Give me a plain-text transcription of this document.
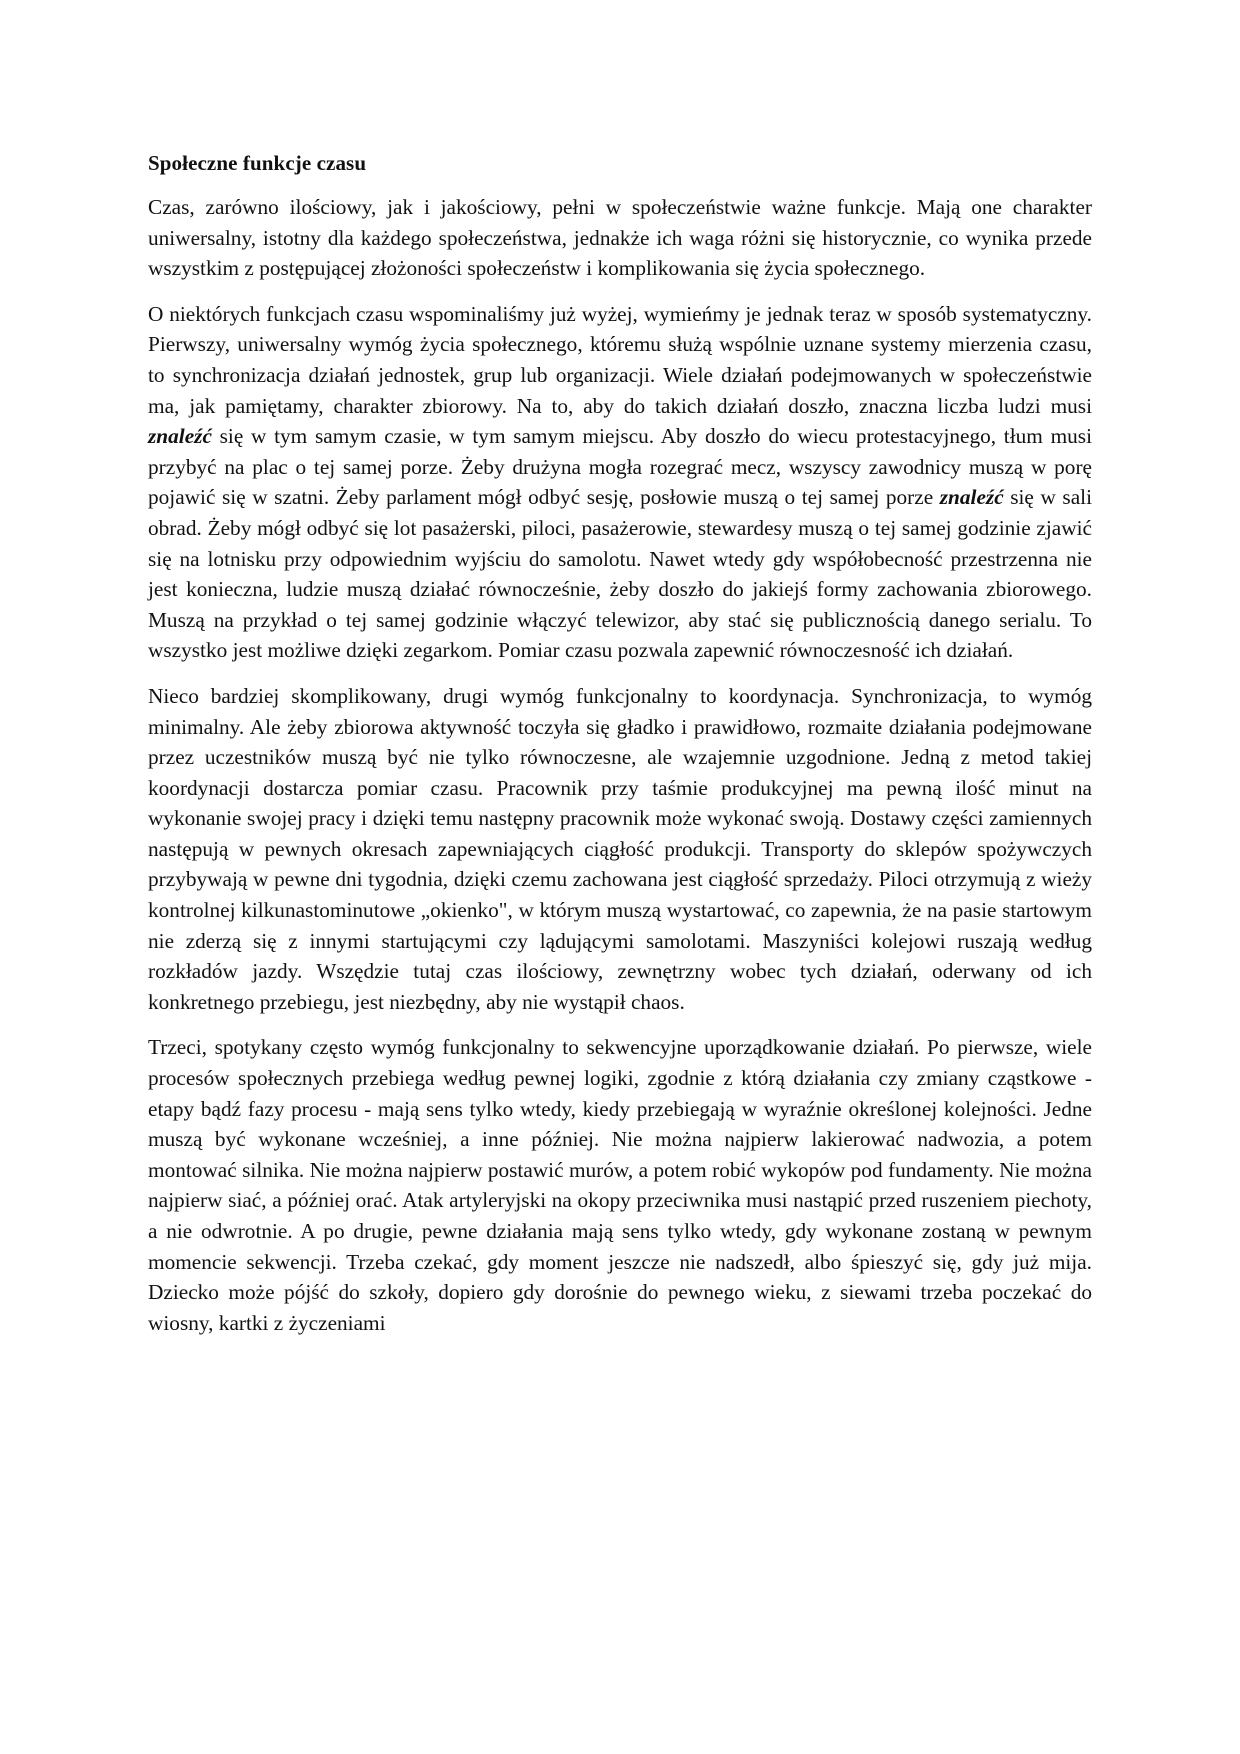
Społeczne funkcje czasu

Czas, zarówno ilościowy, jak i jakościowy, pełni w społeczeństwie ważne funkcje. Mają one charakter uniwersalny, istotny dla każdego społeczeństwa, jednakże ich waga różni się historycznie, co wynika przede wszystkim z postępującej złożoności społeczeństw i komplikowania się życia społecznego.

O niektórych funkcjach czasu wspominaliśmy już wyżej, wymieńmy je jednak teraz w sposób systematyczny. Pierwszy, uniwersalny wymóg życia społecznego, któremu służą wspólnie uznane systemy mierzenia czasu, to synchronizacja działań jednostek, grup lub organizacji. Wiele działań podejmowanych w społeczeństwie ma, jak pamiętamy, charakter zbiorowy. Na to, aby do takich działań doszło, znaczna liczba ludzi musi znaleźć się w tym samym czasie, w tym samym miejscu. Aby doszło do wiecu protestacyjnego, tłum musi przybyć na plac o tej samej porze. Żeby drużyna mogła rozegrać mecz, wszyscy zawodnicy muszą w porę pojawić się w szatni. Żeby parlament mógł odbyć sesję, posłowie muszą o tej samej porze znaleźć się w sali obrad. Żeby mógł odbyć się lot pasażerski, piloci, pasażerowie, stewardesy muszą o tej samej godzinie zjawić się na lotnisku przy odpowiednim wyjściu do samolotu. Nawet wtedy gdy współobecność przestrzenna nie jest konieczna, ludzie muszą działać równocześnie, żeby doszło do jakiejś formy zachowania zbiorowego. Muszą na przykład o tej samej godzinie włączyć telewizor, aby stać się publicznością danego serialu. To wszystko jest możliwe dzięki zegarkom. Pomiar czasu pozwala zapewnić równoczesność ich działań.

Nieco bardziej skomplikowany, drugi wymóg funkcjonalny to koordynacja. Synchronizacja, to wymóg minimalny. Ale żeby zbiorowa aktywność toczyła się gładko i prawidłowo, rozmaite działania podejmowane przez uczestników muszą być nie tylko równoczesne, ale wzajemnie uzgodnione. Jedną z metod takiej koordynacji dostarcza pomiar czasu. Pracownik przy taśmie produkcyjnej ma pewną ilość minut na wykonanie swojej pracy i dzięki temu następny pracownik może wykonać swoją. Dostawy części zamiennych następują w pewnych okresach zapewniających ciągłość produkcji. Transporty do sklepów spożywczych przybywają w pewne dni tygodnia, dzięki czemu zachowana jest ciągłość sprzedaży. Piloci otrzymują z wieży kontrolnej kilkunastominutowe „okienko", w którym muszą wystartować, co zapewnia, że na pasie startowym nie zderzą się z innymi startującymi czy lądującymi samolotami. Maszyniści kolejowi ruszają według rozkładów jazdy. Wszędzie tutaj czas ilościowy, zewnętrzny wobec tych działań, oderwany od ich konkretnego przebiegu, jest niezbędny, aby nie wystąpił chaos.

Trzeci, spotykany często wymóg funkcjonalny to sekwencyjne uporządkowanie działań. Po pierwsze, wiele procesów społecznych przebiega według pewnej logiki, zgodnie z którą działania czy zmiany cząstkowe - etapy bądź fazy procesu - mają sens tylko wtedy, kiedy przebiegają w wyraźnie określonej kolejności. Jedne muszą być wykonane wcześniej, a inne później. Nie można najpierw lakierować nadwozia, a potem montować silnika. Nie można najpierw postawić murów, a potem robić wykopów pod fundamenty. Nie można najpierw siać, a później orać. Atak artyleryjski na okopy przeciwnika musi nastąpić przed ruszeniem piechoty, a nie odwrotnie. A po drugie, pewne działania mają sens tylko wtedy, gdy wykonane zostaną w pewnym momencie sekwencji. Trzeba czekać, gdy moment jeszcze nie nadszedł, albo śpieszyć się, gdy już mija. Dziecko może pójść do szkoły, dopiero gdy dorośnie do pewnego wieku, z siewami trzeba poczekać do wiosny, kartki z życzeniami
